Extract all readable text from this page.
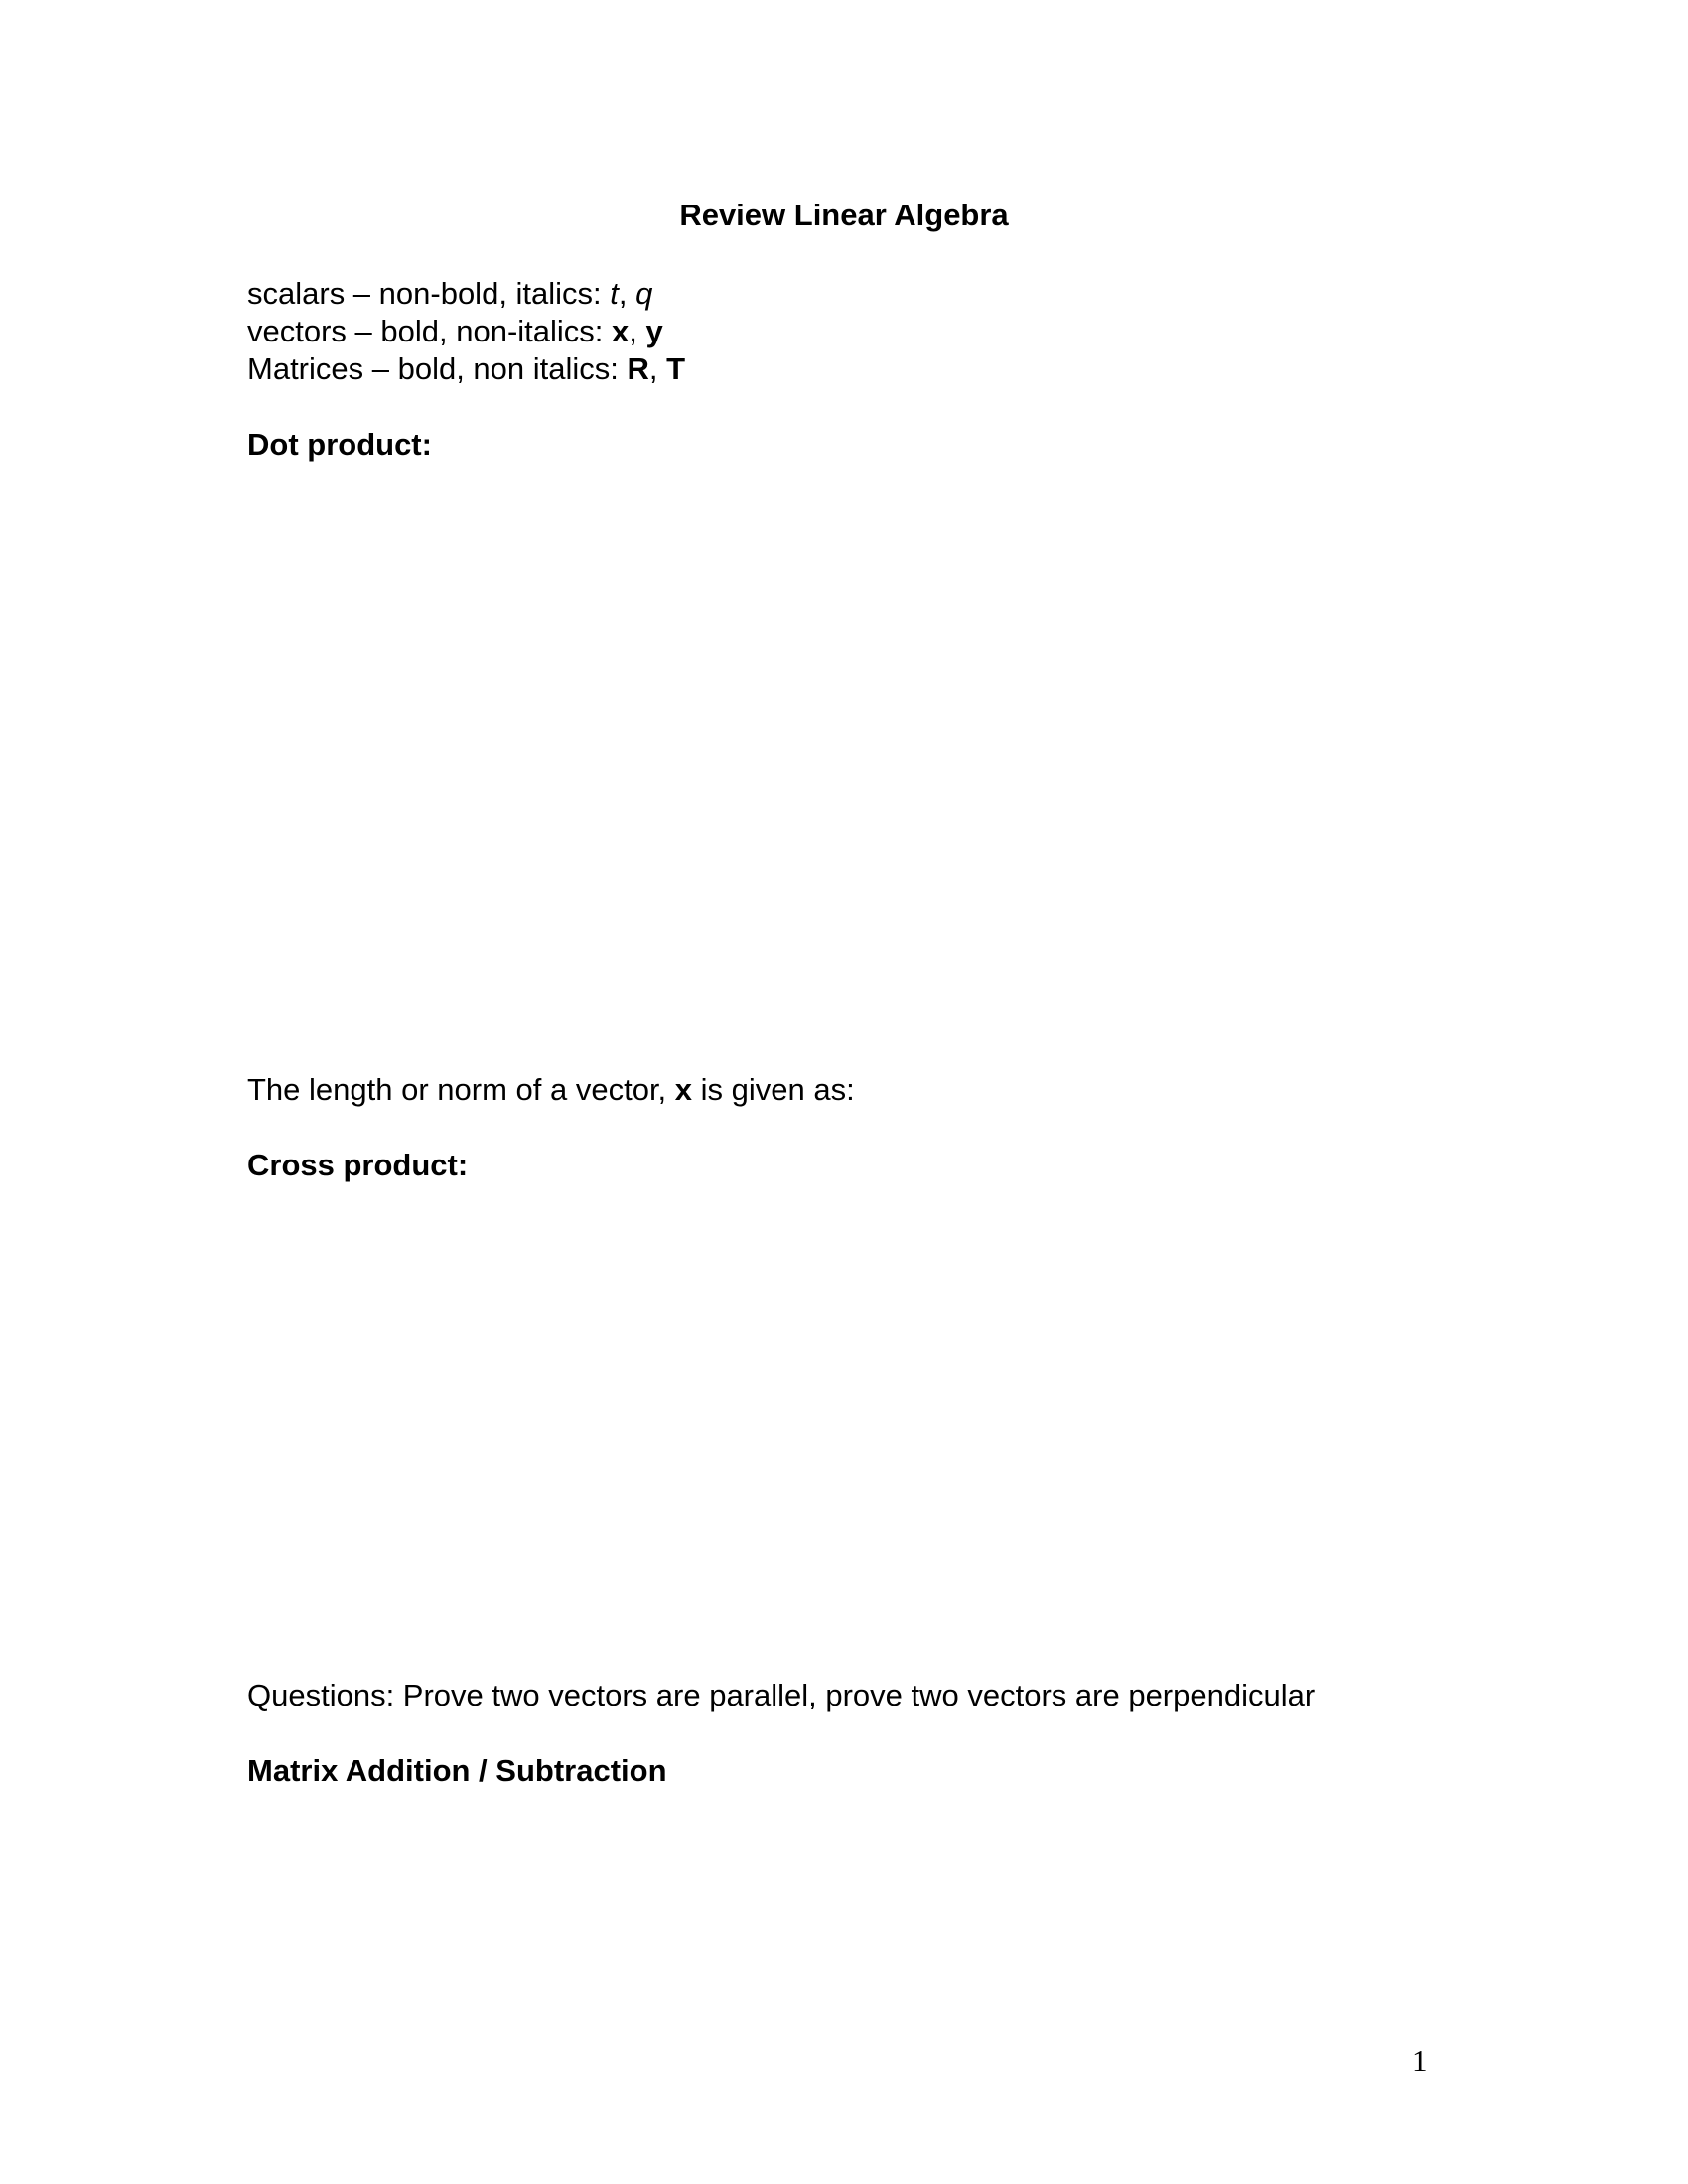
Review Linear Algebra
scalars – non-bold, italics: t, q
vectors – bold, non-italics: x, y
Matrices – bold, non italics: R, T
Dot product:
The length or norm of a vector, x is given as:
Cross product:
Questions: Prove two vectors are parallel, prove two vectors are perpendicular
Matrix Addition / Subtraction
1
